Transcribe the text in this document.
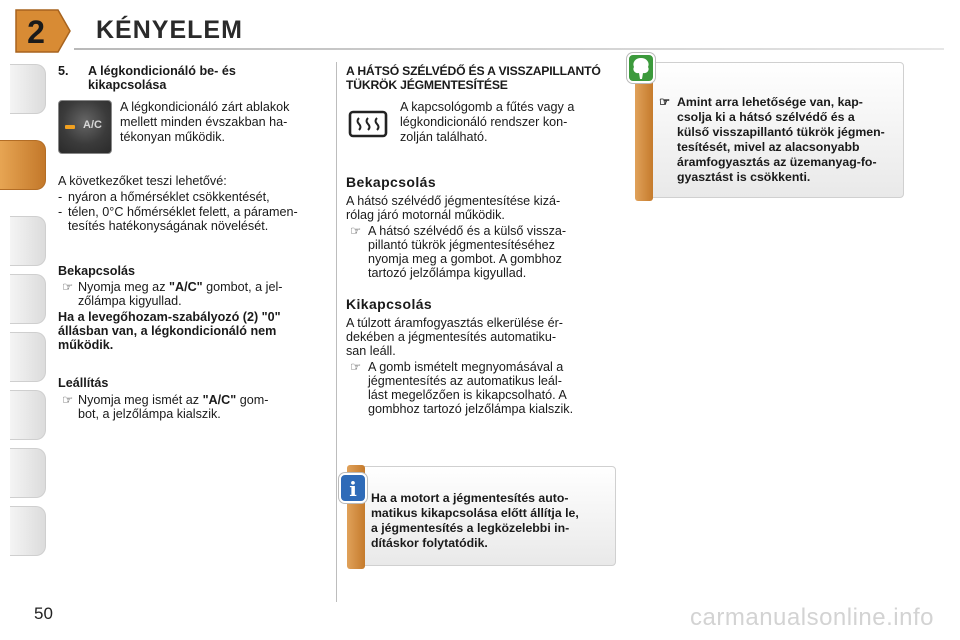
2 KÉNYELEM
5. A légkondicionáló be- és
kikapcsolása
A/C
A légkondicionáló zárt ablakok
mellett minden évszakban ha-
tékonyan működik.
A következőket teszi lehetővé:
- nyáron a hőmérséklet csökkentését,
- télen, 0°C hőmérséklet felett, a páramen-
tesítés hatékonyságának növelését.
Bekapcsolás
☞ Nyomja meg az "A/C" gombot, a jel-
zőlámpa kigyullad.
Ha a levegőhozam-szabályozó (2) "0"
állásban van, a légkondicionáló nem
működik.
Leállítás
☞ Nyomja meg ismét az "A/C" gom-
bot, a jelzőlámpa kialszik.
A HÁTSÓ SZÉLVÉDŐ ÉS A VISSZAPILLANTÓ
TÜKRÖK JÉGMENTESÍTÉSE
A kapcsológomb a fűtés vagy a
légkondicionáló rendszer kon-
zolján található.
Bekapcsolás
A hátsó szélvédő jégmentesítése kizá-
rólag járó motornál működik.
☞ A hátsó szélvédő és a külső vissza-
pillantó tükrök jégmentesítéséhez
nyomja meg a gombot. A gombhoz
tartozó jelzőlámpa kigyullad.
Kikapcsolás
A túlzott áramfogyasztás elkerülése ér-
dekében a jégmentesítés automatiku-
san leáll.
☞ A gomb ismételt megnyomásával a
jégmentesítés az automatikus leál-
lást megelőzően is kikapcsolható. A
gombhoz tartozó jelzőlámpa kialszik.
☞ Amint arra lehetősége van, kap-
csolja ki a hátsó szélvédő és a
külső visszapillantó tükrök jégmen-
tesítését, mivel az alacsonyabb
áramfogyasztás az üzemanyag-fo-
gyasztást is csökkenti.
i	Ha a motort a jégmentesítés auto-
matikus kikapcsolása előtt állítja le,
a jégmentesítés a legközelebbi in-
dításkor folytatódik.
50	carmanualsonline.info
